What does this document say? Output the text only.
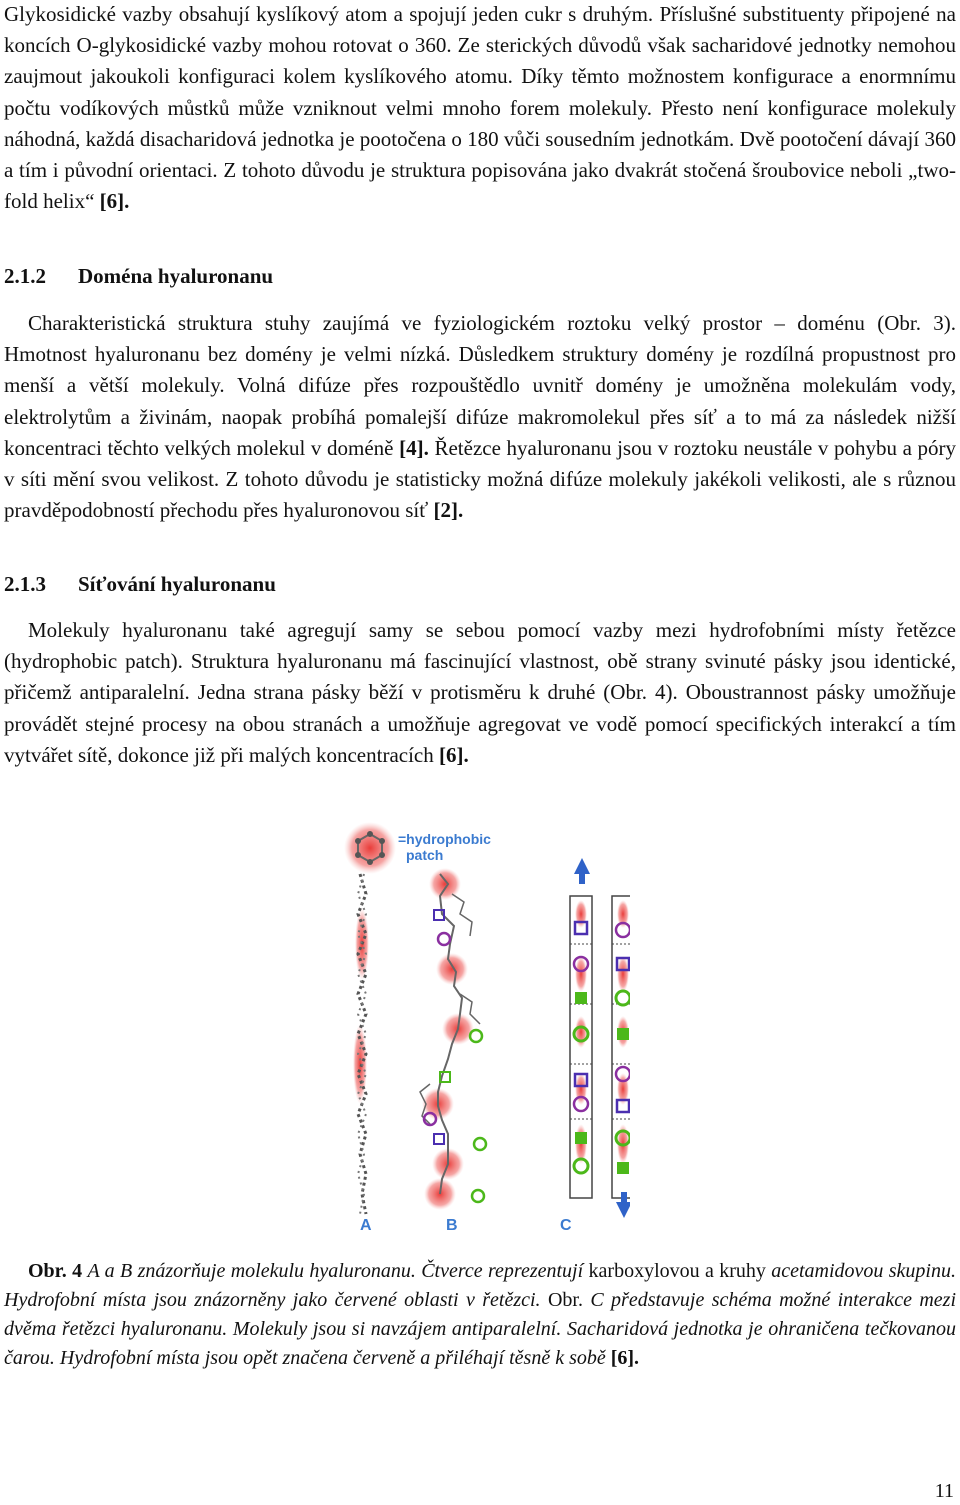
Glykosidické vazby obsahují kyslíkový atom a spojují jeden cukr s druhým. Příslušné substituenty připojené na koncích O-glykosidické vazby mohou rotovat o 360. Ze sterických důvodů však sacharidové jednotky nemohou zaujmout jakoukoli konfiguraci kolem kyslíkového atomu. Díky těmto možnostem konfigurace a enormnímu počtu vodíkových můstků může vzniknout velmi mnoho forem molekuly. Přesto není konfigurace molekuly náhodná, každá disacharidová jednotka je pootočena o 180 vůči sousedním jednotkám. Dvě pootočení dávají 360 a tím i původní orientaci. Z tohoto důvodu je struktura popisována jako dvakrát stočená šroubovice neboli „two-fold helix“ [6].

2.1.2 Doména hyaluronanu

Charakteristická struktura stuhy zaujímá ve fyziologickém roztoku velký prostor – doménu (Obr. 3). Hmotnost hyaluronanu bez domény je velmi nízká. Důsledkem struktury domény je rozdílná propustnost pro menší a větší molekuly. Volná difúze přes rozpouštědlo uvnitř domény je umožněna molekulám vody, elektrolytům a živinám, naopak probíhá pomalejší difúze makromolekul přes síť a to má za následek nižší koncentraci těchto velkých molekul v doméně [4]. Řetězce hyaluronanu jsou v roztoku neustále v pohybu a póry v síti mění svou velikost. Z tohoto důvodu je statisticky možná difúze molekuly jakékoli velikosti, ale s různou pravděpodobností přechodu přes hyaluronovou síť [2].

2.1.3 Síťování hyaluronanu

Molekuly hyaluronanu také agregují samy se sebou pomocí vazby mezi hydrofobními místy řetězce (hydrophobic patch). Struktura hyaluronanu má fascinující vlastnost, obě strany svinuté pásky jsou identické, přičemž antiparalelní. Jedna strana pásky běží v protisměru k druhé (Obr. 4). Oboustrannost pásky umožňuje provádět stejné procesy na obou stranách a umožňuje agregovat ve vodě pomocí specifických interakcí a tím vytvářet sítě, dokonce již při malých koncentracích [6].

=hydrophobic
patch
A	B	C

Obr. 4 A a B znázorňuje molekulu hyaluronanu. Čtverce reprezentují karboxylovou a kruhy acetamidovou skupinu. Hydrofobní místa jsou znázorněny jako červené oblasti v řetězci. Obr. C představuje schéma možné interakce mezi dvěma řetězci hyaluronanu. Molekuly jsou si navzájem antiparalelní. Sacharidová jednotka je ohraničena tečkovanou čarou. Hydrofobní místa jsou opět značena červeně a přiléhají těsně k sobě [6].

11
